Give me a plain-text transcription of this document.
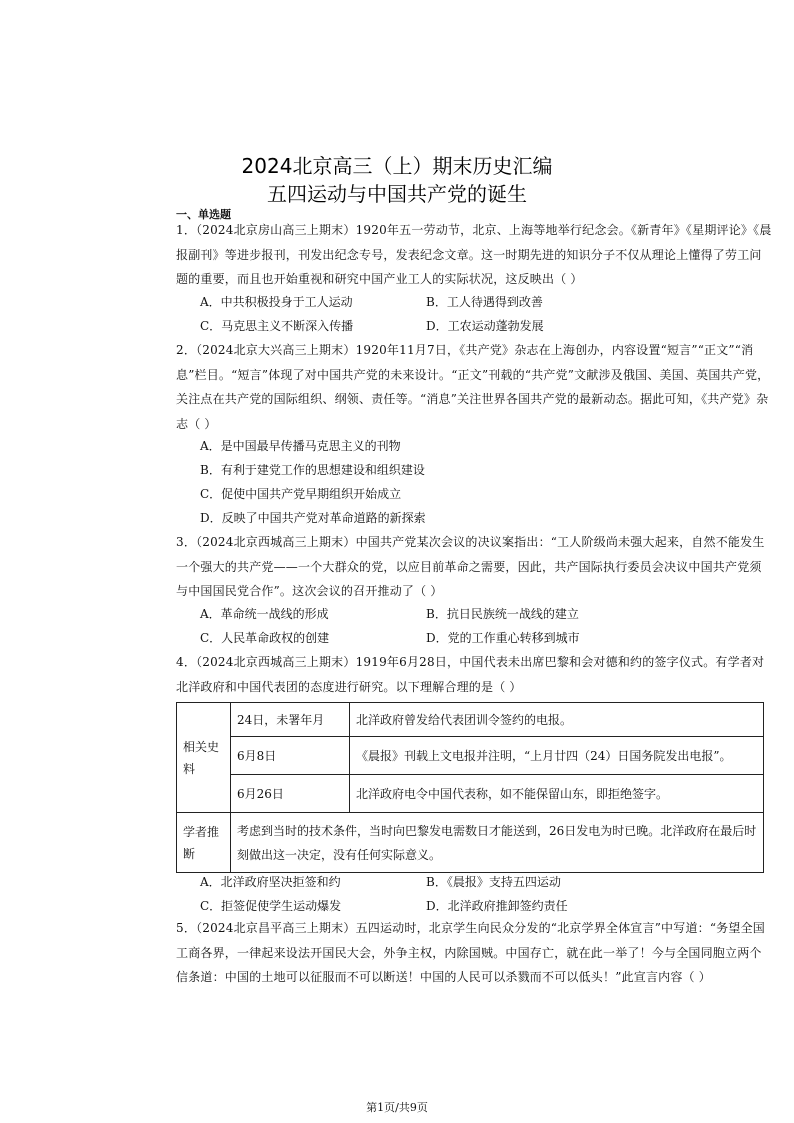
2024北京高三（上）期末历史汇编
五四运动与中国共产党的诞生
一、单选题
1．（2024北京房山高三上期末）1920年五一劳动节，北京、上海等地举行纪念会。《新青年》《星期评论》《晨报副刊》等进步报刊，刊发出纪念专号，发表纪念文章。这一时期先进的知识分子不仅从理论上懂得了劳工问题的重要，而且也开始重视和研究中国产业工人的实际状况，这反映出（ ）
A．中共积极投身于工人运动	B．工人待遇得到改善
C．马克思主义不断深入传播	D．工农运动蓬勃发展
2．（2024北京大兴高三上期末）1920年11月7日，《共产党》杂志在上海创办，内容设置“短言”“正文”“消息”栏目。“短言”体现了对中国共产党的未来设计。“正文”刊载的“共产党”文献涉及俄国、美国、英国共产党，关注点在共产党的国际组织、纲领、责任等。“消息”关注世界各国共产党的最新动态。据此可知，《共产党》杂志（ ）
A．是中国最早传播马克思主义的刊物
B．有利于建党工作的思想建设和组织建设
C．促使中国共产党早期组织开始成立
D．反映了中国共产党对革命道路的新探索
3．（2024北京西城高三上期末）中国共产党某次会议的决议案指出：“工人阶级尚未强大起来，自然不能发生一个强大的共产党——一个大群众的党，以应目前革命之需要，因此，共产国际执行委员会决议中国共产党须与中国国民党合作”。这次会议的召开推动了（ ）
A．革命统一战线的形成	B．抗日民族统一战线的建立
C．人民革命政权的创建	D．党的工作重心转移到城市
4．（2024北京西城高三上期末）1919年6月28日，中国代表未出席巴黎和会对德和约的签字仪式。有学者对北洋政府和中国代表团的态度进行研究。以下理解合理的是（ ）
相关史料	24日，未署年月	北洋政府曾发给代表团训令签约的电报。
	6月8日	《晨报》刊载上文电报并注明，“上月廿四（24）日国务院发出电报”。
	6月26日	北洋政府电令中国代表称，如不能保留山东，即拒绝签字。
学者推断	考虑到当时的技术条件，当时向巴黎发电需数日才能送到，26日发电为时已晚。北洋政府在最后时刻做出这一决定，没有任何实际意义。	
A．北洋政府坚决拒签和约	B．《晨报》支持五四运动
C．拒签促使学生运动爆发	D．北洋政府推卸签约责任
5．（2024北京昌平高三上期末）五四运动时，北京学生向民众分发的“北京学界全体宣言”中写道：“务望全国工商各界，一律起来设法开国民大会，外争主权，内除国贼。中国存亡，就在此一举了！今与全国同胞立两个信条道：中国的土地可以征服而不可以断送！中国的人民可以杀戮而不可以低头！”此宣言内容（ ）
第1页/共9页
